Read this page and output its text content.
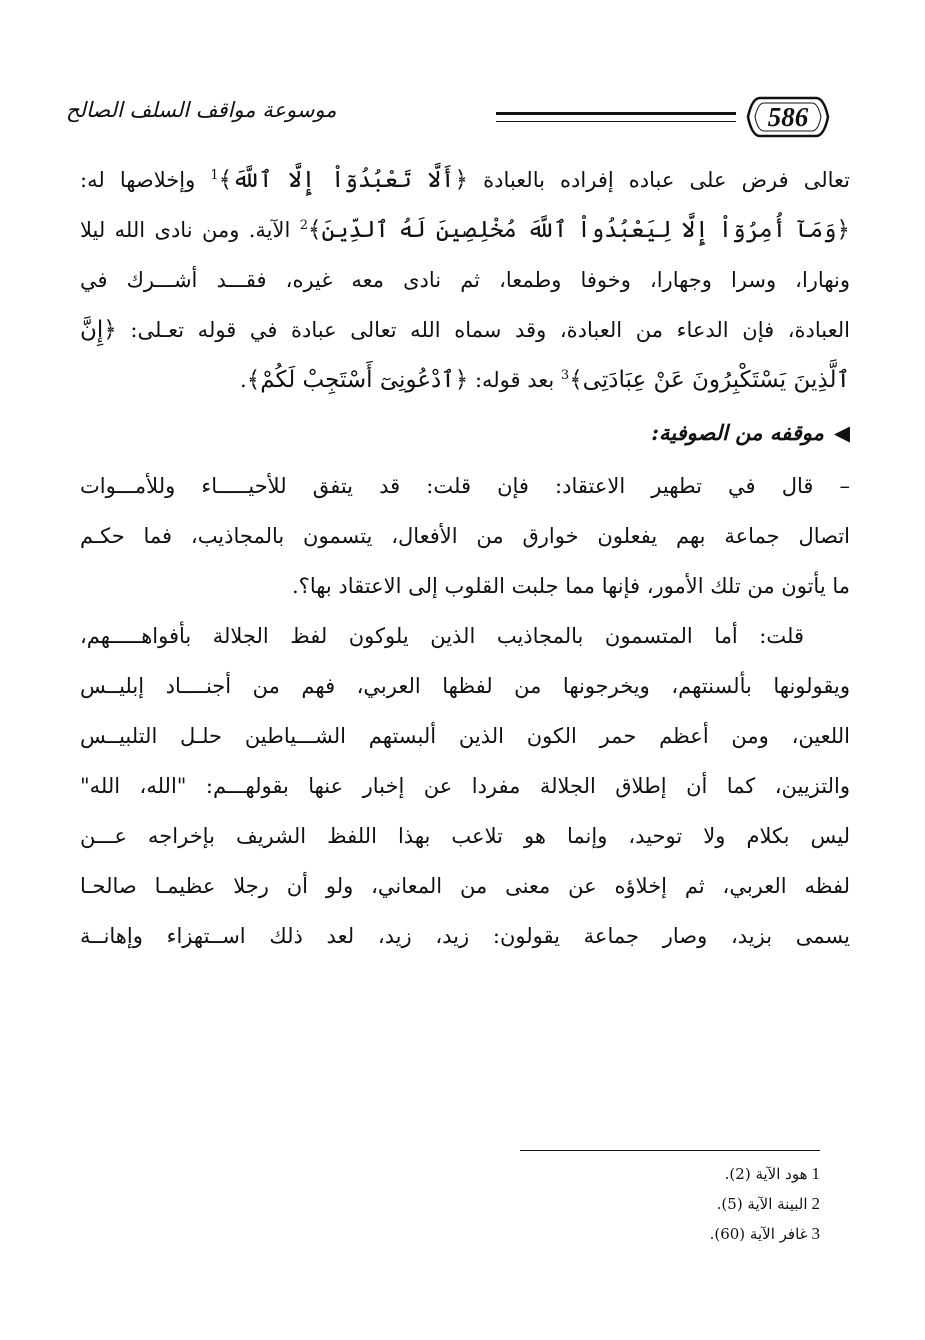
586
موسوعة مواقف السلف الصالح
تعالى فرض على عباده إفراده بالعبادة ﴿أَلَّا تَعْبُدُوٓاْ إِلَّا ٱللَّهَ﴾$^1$ وإخلاصها له:
﴿وَمَآ أُمِرُوٓاْ إِلَّا لِيَعْبُدُواْ ٱللَّهَ مُخْلِصِينَ لَهُ ٱلدِّينَ﴾$^2$ الآية. ومن نادى الله ليلا
ونهارا، وسرا وجهارا، وخوفا وطمعا، ثم نادى معه غيره، فقـــد أشـــرك في
العبادة، فإن الدعاء من العبادة، وقد سماه الله تعالى عبادة في قوله تعـلى: ﴿إِنَّ
ٱلَّذِينَ يَسْتَكْبِرُونَ عَنْ عِبَادَتِى﴾$^3$ بعد قوله: ﴿ٱدْعُونِىٓ أَسْتَجِبْ لَكُمْ﴾.
◀موقفه من الصوفية:
– قال في تطهير الاعتقاد: فإن قلت: قد يتفق للأحيـــــاء وللأمـــوات
اتصال جماعة بهم يفعلون خوارق من الأفعال، يتسمون بالمجاذيب، فما حكـم
ما يأتون من تلك الأمور، فإنها مما جلبت القلوب إلى الاعتقاد بها؟.
قلت: أما المتسمون بالمجاذيب الذين يلوكون لفظ الجلالة بأفواهـــــهم،
ويقولونها بألسنتهم، ويخرجونها من لفظها العربي، فهم من أجنــــاد إبليــس
اللعين، ومن أعظم حمر الكون الذين ألبستهم الشـــياطين حلـل التلبيــس
والتزيين، كما أن إطلاق الجلالة مفردا عن إخبار عنها بقولهـــم: "الله، الله"
ليس بكلام ولا توحيد، وإنما هو تلاعب بهذا اللفظ الشريف بإخراجه عـــن
لفظه العربي، ثم إخلاؤه عن معنى من المعاني، ولو أن رجلا عظيمـا صالحـا
يسمى بزيد، وصار جماعة يقولون: زيد، زيد، لعد ذلك اســتهزاء وإهانــة
1هود الآية (2).
2البينة الآية (5).
3غافر الآية (60).
